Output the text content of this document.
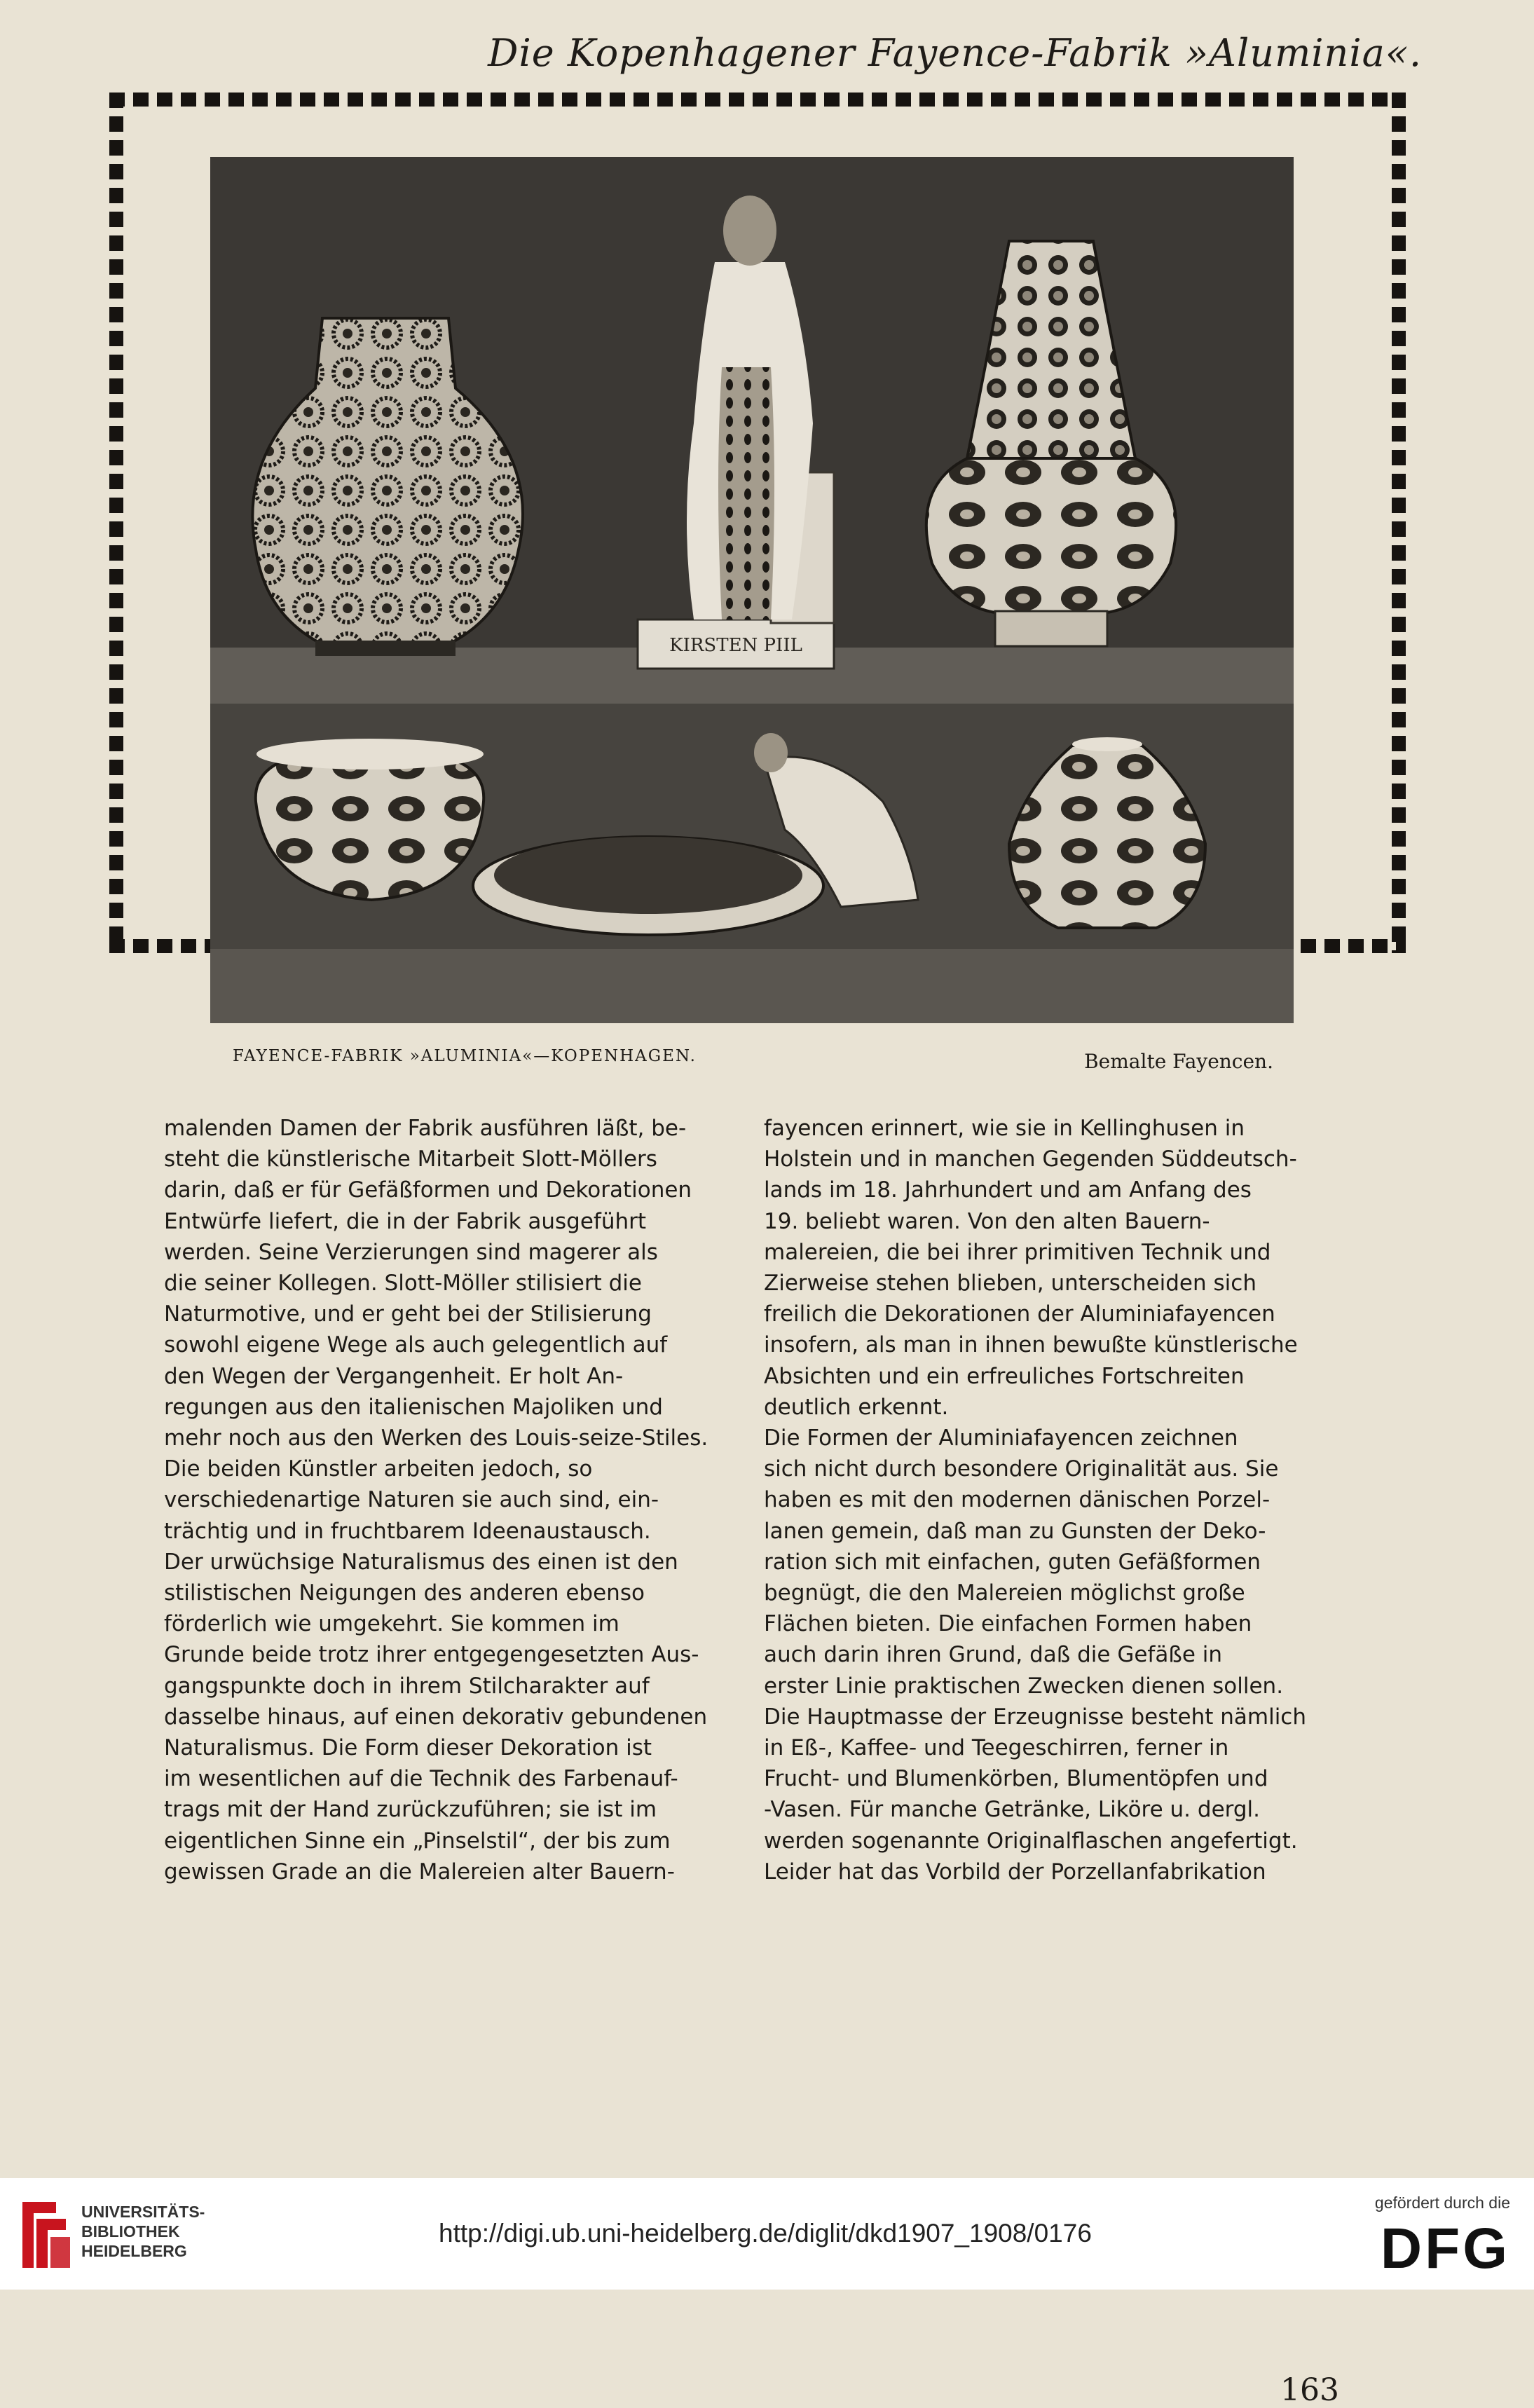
Die Kopenhagener Fayence-Fabrik »Aluminia«.
KIRSTEN PIIL
FAYENCE-FABRIK »ALUMINIA«—KOPENHAGEN.	Bemalte Fayencen.
malenden Damen der Fabrik ausführen läßt, be-
steht die künstlerische Mitarbeit Slott-Möllers
darin, daß er für Gefäßformen und Dekorationen
Entwürfe liefert, die in der Fabrik ausgeführt
werden. Seine Verzierungen sind magerer als
die seiner Kollegen. Slott-Möller stilisiert die
Naturmotive, und er geht bei der Stilisierung
sowohl eigene Wege als auch gelegentlich auf
den Wegen der Vergangenheit. Er holt An-
regungen aus den italienischen Majoliken und
mehr noch aus den Werken des Louis-seize-Stiles.
Die beiden Künstler arbeiten jedoch, so
verschiedenartige Naturen sie auch sind, ein-
trächtig und in fruchtbarem Ideenaustausch.
Der urwüchsige Naturalismus des einen ist den
stilistischen Neigungen des anderen ebenso
förderlich wie umgekehrt. Sie kommen im
Grunde beide trotz ihrer entgegengesetzten Aus-
gangspunkte doch in ihrem Stilcharakter auf
dasselbe hinaus, auf einen dekorativ gebundenen
Naturalismus. Die Form dieser Dekoration ist
im wesentlichen auf die Technik des Farbenauf-
trags mit der Hand zurückzuführen; sie ist im
eigentlichen Sinne ein „Pinselstil“, der bis zum
gewissen Grade an die Malereien alter Bauern-
fayencen erinnert, wie sie in Kellinghusen in
Holstein und in manchen Gegenden Süddeutsch-
lands im 18. Jahrhundert und am Anfang des
19. beliebt waren. Von den alten Bauern-
malereien, die bei ihrer primitiven Technik und
Zierweise stehen blieben, unterscheiden sich
freilich die Dekorationen der Aluminiafayencen
insofern, als man in ihnen bewußte künstlerische
Absichten und ein erfreuliches Fortschreiten
deutlich erkennt.
Die Formen der Aluminiafayencen zeichnen
sich nicht durch besondere Originalität aus. Sie
haben es mit den modernen dänischen Porzel-
lanen gemein, daß man zu Gunsten der Deko-
ration sich mit einfachen, guten Gefäßformen
begnügt, die den Malereien möglichst große
Flächen bieten. Die einfachen Formen haben
auch darin ihren Grund, daß die Gefäße in
erster Linie praktischen Zwecken dienen sollen.
Die Hauptmasse der Erzeugnisse besteht nämlich
in Eß-, Kaffee- und Teegeschirren, ferner in
Frucht- und Blumenkörben, Blumentöpfen und
-Vasen. Für manche Getränke, Liköre u. dergl.
werden sogenannte Originalflaschen angefertigt.
Leider hat das Vorbild der Porzellanfabrikation
163
UNIVERSITÄTS-
BIBLIOTHEK
HEIDELBERG
http://digi.ub.uni-heidelberg.de/diglit/dkd1907_1908/0176
gefördert durch die
DFG
